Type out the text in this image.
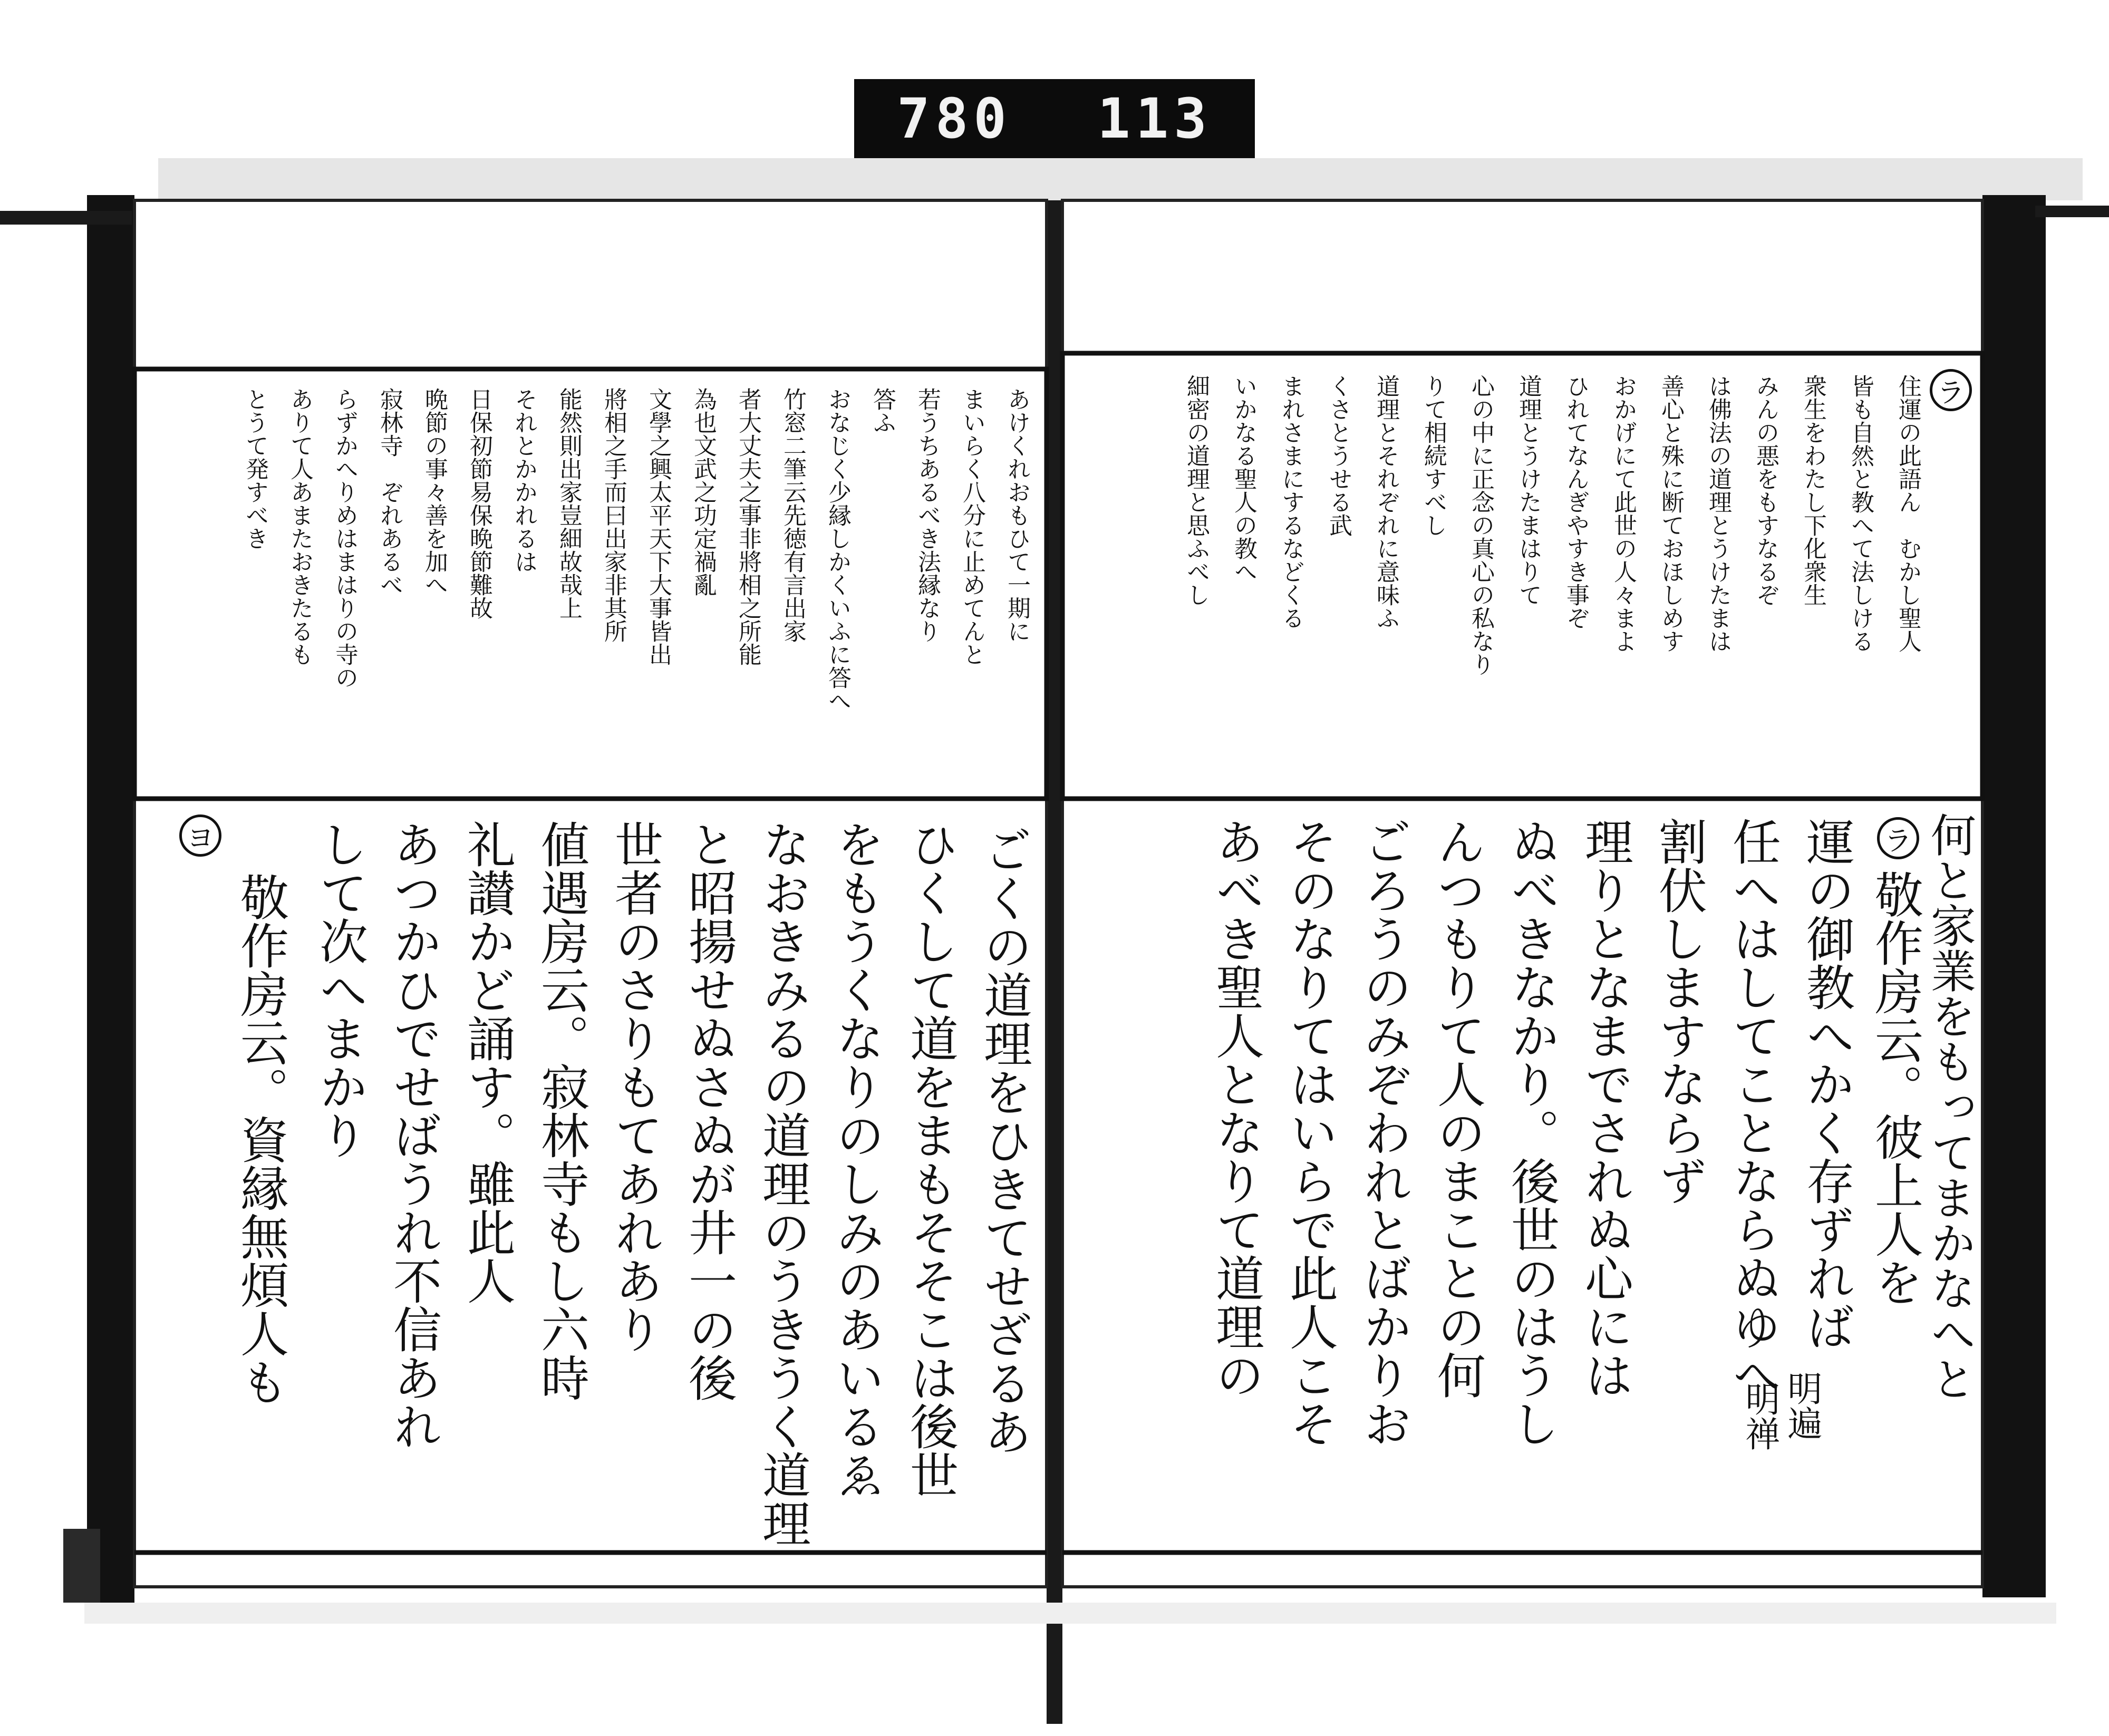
780 113
ラ
住運の此語ん　むかし聖人
皆も自然と教へて法しける
衆生をわたし下化衆生
みんの悪をもすなるぞ
は佛法の道理とうけたまは
善心と殊に断ておほしめす
おかげにて此世の人々まよ
ひれてなんぎやすき事ぞ
道理とうけたまはりて
心の中に正念の真心の私なり
りて相続すべし
道理とそれぞれに意味ふ
くさとうせる武
まれさまにするなどくる
いかなる聖人の教へ
細密の道理と思ふべし
ラ 何と家業をもってまかなへと
敬作房云。彼上人を
運の御教へかく存ずれば
任へはしてことならぬゆへ
割伏しますならず
理りとなまでされぬ心には
ぬべきなかり。後世のはうし
んつもりて人のまことの何
ごろうのみぞわれとばかりお
そのなりてはいらで此人こそ
あべき聖人となりて道理の
明遍
明禅
あけくれおもひて一期に
まいらく八分に止めてんと
若うちあるべき法縁なり
答ふ
おなじく少縁しかくいふに答へ
竹窓二筆云先徳有言出家
者大丈夫之事非將相之所能
為也文武之功定禍亂
文學之興太平天下大事皆出
將相之手而曰出家非其所
能然則出家豈細故哉上
それとかかれるは
日保初節易保晩節難故
晩節の事々善を加へ
寂林寺　ぞれあるべ
らずかへりめはまはりの寺の
ありて人あまたおきたるも
とうて発すべき
ごくの道理をひきてせざるあ
ひくして道をまもそそこは後世
をもうくなりのしみのあいるゑ
なおきみるの道理のうきうく道理
と昭揚せぬさぬが井一の後
世者のさりもてあれあり
値遇房云。寂林寺もし六時
礼讃かど誦す。雖此人
あつかひでせばうれ不信あれ
して次へまかり
敬作房云。資縁無煩人も
ヨ
